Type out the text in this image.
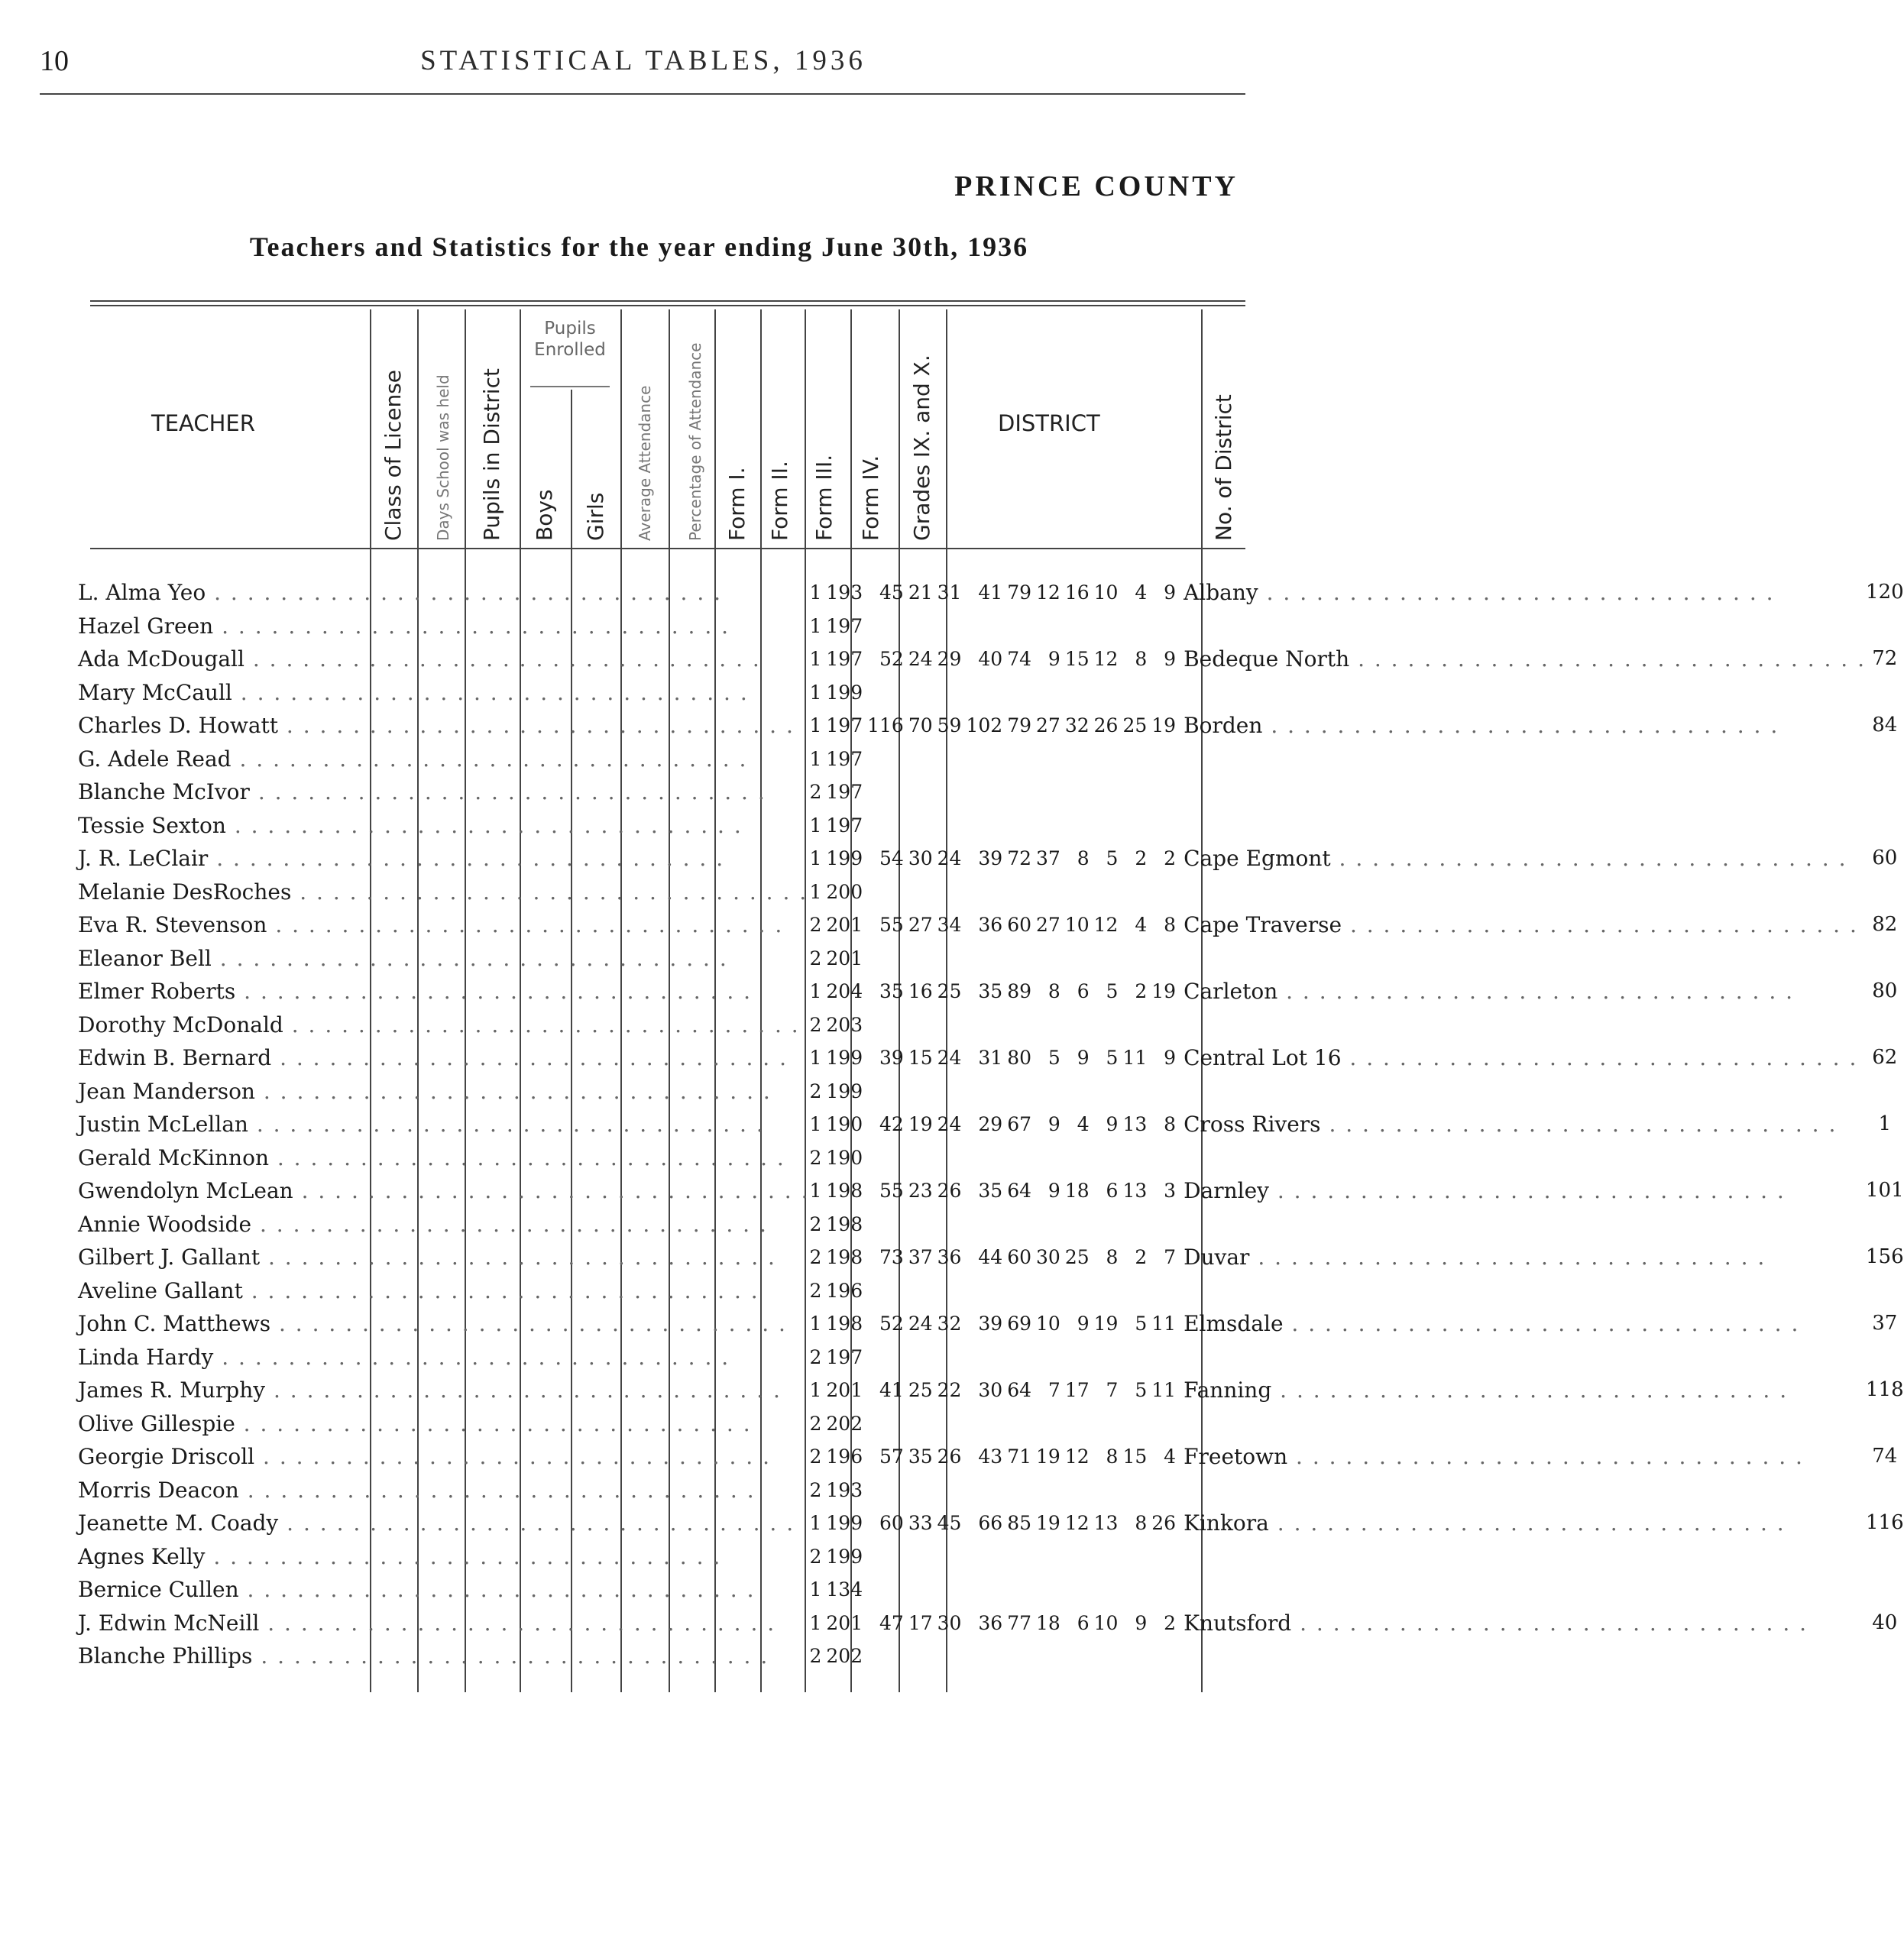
10	STATISTICAL TABLES, 1936
PRINCE COUNTY
Teachers and Statistics for the year ending June 30th, 1936
TEACHER	Class of License Days School was held Pupils in District
Pupils Enrolled
Boys Girls Average Attendance Percentage of Attendance Form I. Form II. Form III. Form IV. Grades IX. and X.	DISTRICT	No. of District
L. Alma Yeo . . .	1	193	45	21	31	41	79	12	16	10	4	9	Albany . . .	120
Hazel Green . . .	1	197												
Ada McDougall . . .	1	197	52	24	29	40	74	9	15	12	8	9	Bedeque North . . .	72
Mary McCaull . . .	1	199												
Charles D. Howatt . . .	1	197	116	70	59	102	79	27	32	26	25	19	Borden . . .	84
G. Adele Read . . .	1	197												
Blanche McIvor . . .	2	197												
Tessie Sexton . . .	1	197												
J. R. LeClair . . .	1	199	54	30	24	39	72	37	8	5	2	2	Cape Egmont . . .	60
Melanie DesRoches . . .	1	200												
Eva R. Stevenson . . .	2	201	55	27	34	36	60	27	10	12	4	8	Cape Traverse . . .	82
Eleanor Bell . . .	2	201												
Elmer Roberts . . .	1	204	35	16	25	35	89	8	6	5	2	19	Carleton . . .	80
Dorothy McDonald . . .	2	203												
Edwin B. Bernard . . .	1	199	39	15	24	31	80	5	9	5	11	9	Central Lot 16 . . .	62
Jean Manderson . . .	2	199												
Justin McLellan . . .	1	190	42	19	24	29	67	9	4	9	13	8	Cross Rivers . . .	1
Gerald McKinnon . . .	2	190												
Gwendolyn McLean . . .	1	198	55	23	26	35	64	9	18	6	13	3	Darnley . . .	101
Annie Woodside . . .	2	198												
Gilbert J. Gallant . . .	2	198	73	37	36	44	60	30	25	8	2	7	Duvar . . .	156
Aveline Gallant . . .	2	196												
John C. Matthews . . .	1	198	52	24	32	39	69	10	9	19	5	11	Elmsdale . . .	37
Linda Hardy . . .	2	197												
James R. Murphy . . .	1	201	41	25	22	30	64	7	17	7	5	11	Fanning . . .	118
Olive Gillespie . . .	2	202												
Georgie Driscoll . . .	2	196	57	35	26	43	71	19	12	8	15	4	Freetown . . .	74
Morris Deacon . . .	2	193												
Jeanette M. Coady . . .	1	199	60	33	45	66	85	19	12	13	8	26	Kinkora . . .	116
Agnes Kelly . . .	2	199												
Bernice Cullen . . .	1	134												
J. Edwin McNeill . . .	1	201	47	17	30	36	77	18	6	10	9	2	Knutsford . . .	40
Blanche Phillips . . .	2	202												
